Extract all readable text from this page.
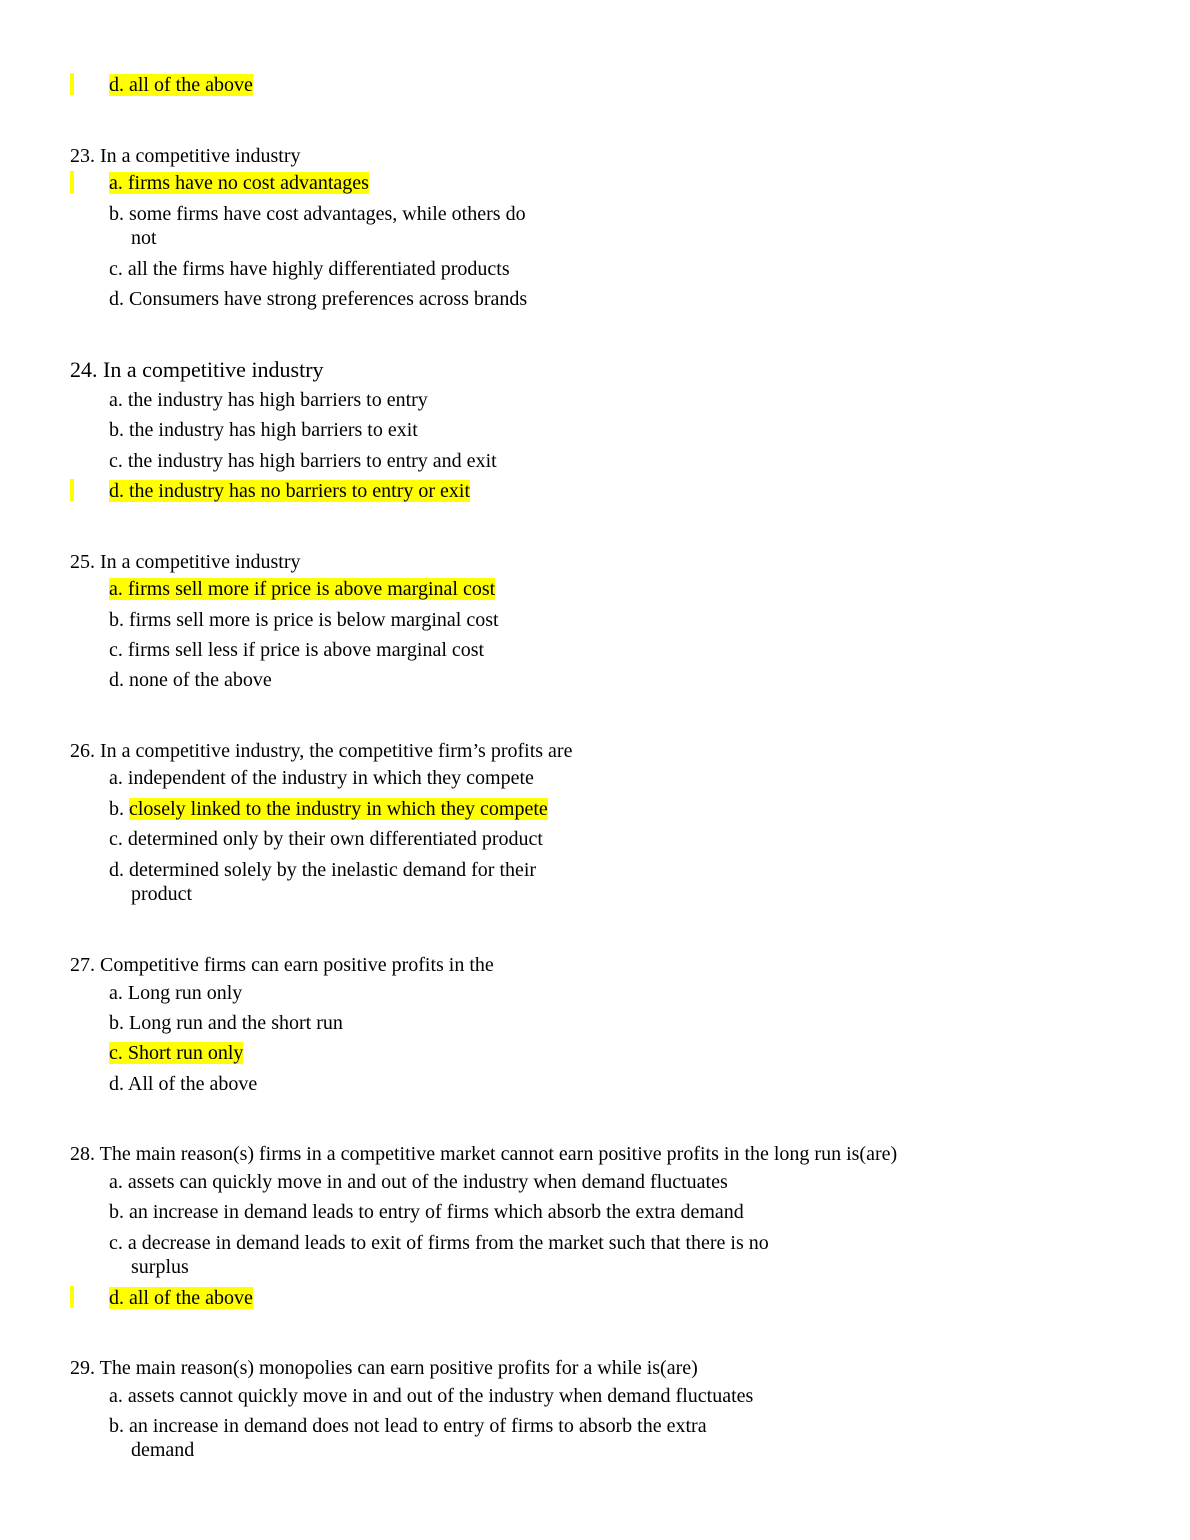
d. all of the above
23. In a competitive industry
a. firms have no cost advantages
b. some firms have cost advantages, while others do
not
c. all the firms have highly differentiated products
d. Consumers have strong preferences across brands
24. In a competitive industry
a. the industry has high barriers to entry
b. the industry has high barriers to exit
c. the industry has high barriers to entry and exit
d. the industry has no barriers to entry or exit
25. In a competitive industry
a. firms sell more if price is above marginal cost
b. firms sell more is price is below marginal cost
c. firms sell less if price is above marginal cost
d. none of the above
26. In a competitive industry, the competitive firm’s profits are
a. independent of the industry in which they compete
b. closely linked to the industry in which they compete
c. determined only by their own differentiated product
d. determined solely by the inelastic demand for their
product
27. Competitive firms can earn positive profits in the
a. Long run only
b. Long run and the short run
c. Short run only
d. All of the above
28. The main reason(s) firms in a competitive market cannot earn positive profits in the long run is(are)
a. assets can quickly move in and out of the industry when demand fluctuates
b. an increase in demand leads to entry of firms which absorb the extra demand
c. a decrease in demand leads to exit of firms from the market such that there is no
surplus
d. all of the above
29. The main reason(s) monopolies can earn positive profits for a while is(are)
a. assets cannot quickly move in and out of the industry when demand fluctuates
b. an increase in demand does not lead to entry of firms to absorb the extra
demand
